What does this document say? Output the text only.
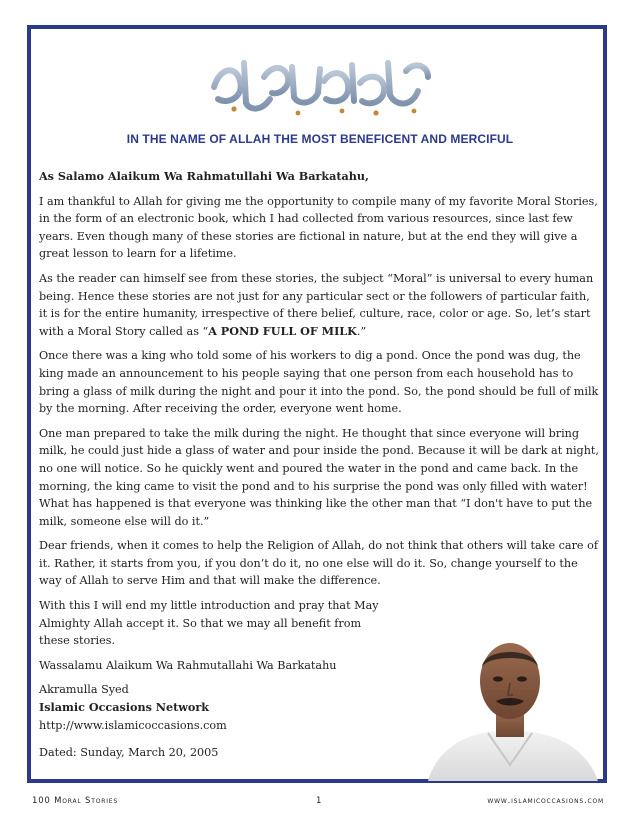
IN THE NAME OF ALLAH THE MOST BENEFICENT AND MERCIFUL

As Salamo Alaikum Wa Rahmatullahi Wa Barkatahu,

I am thankful to Allah for giving me the opportunity to compile many of my favorite Moral Stories, in the form of an electronic book, which I had collected from various resources, since last few years. Even though many of these stories are fictional in nature, but at the end they will give a great lesson to learn for a lifetime.

As the reader can himself see from these stories, the subject “Moral” is universal to every human being. Hence these stories are not just for any particular sect or the followers of particular faith, it is for the entire humanity, irrespective of there belief, culture, race, color or age. So, let’s start with a Moral Story called as “A POND FULL OF MILK.”

Once there was a king who told some of his workers to dig a pond. Once the pond was dug, the king made an announcement to his people saying that one person from each household has to bring a glass of milk during the night and pour it into the pond. So, the pond should be full of milk by the morning. After receiving the order, everyone went home.

One man prepared to take the milk during the night. He thought that since everyone will bring milk, he could just hide a glass of water and pour inside the pond. Because it will be dark at night, no one will notice. So he quickly went and poured the water in the pond and came back. In the morning, the king came to visit the pond and to his surprise the pond was only filled with water! What has happened is that everyone was thinking like the other man that “I don't have to put the milk, someone else will do it.”

Dear friends, when it comes to help the Religion of Allah, do not think that others will take care of it. Rather, it starts from you, if you don’t do it, no one else will do it. So, change yourself to the way of Allah to serve Him and that will make the difference.

With this I will end my little introduction and pray that May Almighty Allah accept it. So that we may all benefit from these stories.

Wassalamu Alaikum Wa Rahmutallahi Wa Barkatahu

Akramulla Syed
Islamic Occasions Network
http://www.islamicoccasions.com
Dated: Sunday, March 20, 2005
100 Moral Stories	1	www.islamicoccasions.com
